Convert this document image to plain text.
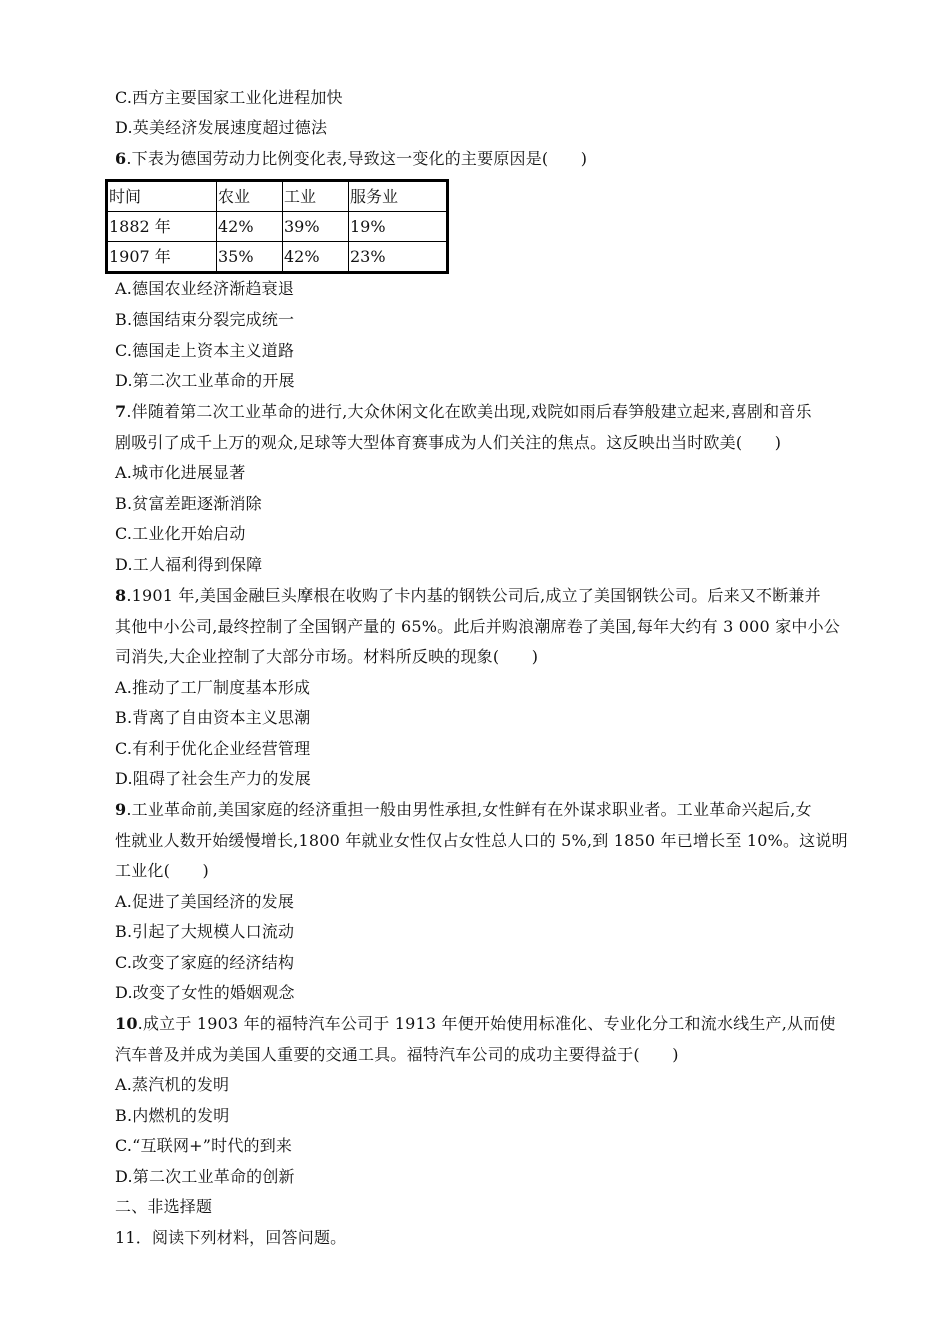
C.西方主要国家工业化进程加快
D.英美经济发展速度超过德法
6.下表为德国劳动力比例变化表,导致这一变化的主要原因是(　　)
时间	农业	工业	服务业
1882 年	42%	39%	19%
1907 年	35%	42%	23%
A.德国农业经济渐趋衰退
B.德国结束分裂完成统一
C.德国走上资本主义道路
D.第二次工业革命的开展
7.伴随着第二次工业革命的进行,大众休闲文化在欧美出现,戏院如雨后春笋般建立起来,喜剧和音乐
剧吸引了成千上万的观众,足球等大型体育赛事成为人们关注的焦点。这反映出当时欧美(　　)
A.城市化进展显著
B.贫富差距逐渐消除
C.工业化开始启动
D.工人福利得到保障
8.1901 年,美国金融巨头摩根在收购了卡内基的钢铁公司后,成立了美国钢铁公司。后来又不断兼并
其他中小公司,最终控制了全国钢产量的 65%。此后并购浪潮席卷了美国,每年大约有 3 000 家中小公
司消失,大企业控制了大部分市场。材料所反映的现象(　　)
A.推动了工厂制度基本形成
B.背离了自由资本主义思潮
C.有利于优化企业经营管理
D.阻碍了社会生产力的发展
9.工业革命前,美国家庭的经济重担一般由男性承担,女性鲜有在外谋求职业者。工业革命兴起后,女
性就业人数开始缓慢增长,1800 年就业女性仅占女性总人口的 5%,到 1850 年已增长至 10%。这说明
工业化(　　)
A.促进了美国经济的发展
B.引起了大规模人口流动
C.改变了家庭的经济结构
D.改变了女性的婚姻观念
10.成立于 1903 年的福特汽车公司于 1913 年便开始使用标准化、专业化分工和流水线生产,从而使
汽车普及并成为美国人重要的交通工具。福特汽车公司的成功主要得益于(　　)
A.蒸汽机的发明
B.内燃机的发明
C.“互联网+”时代的到来
D.第二次工业革命的创新
二、非选择题
11．阅读下列材料，回答问题。
